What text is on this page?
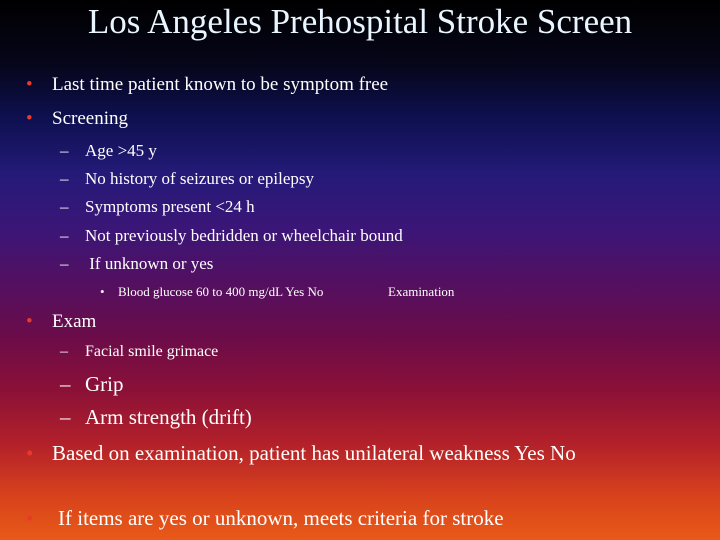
Los Angeles Prehospital Stroke Screen
• Last time patient known to be symptom free
• Screening
– Age >45 y
– No history of seizures or epilepsy
– Symptoms present <24 h
– Not previously bedridden or wheelchair bound
– If unknown or yes
• Blood glucose 60 to 400 mg/dL Yes No	Examination
• Exam
– Facial smile grimace
– Grip
– Arm strength (drift)
• Based on examination, patient has unilateral weakness Yes No
• If items are yes or unknown, meets criteria for stroke
